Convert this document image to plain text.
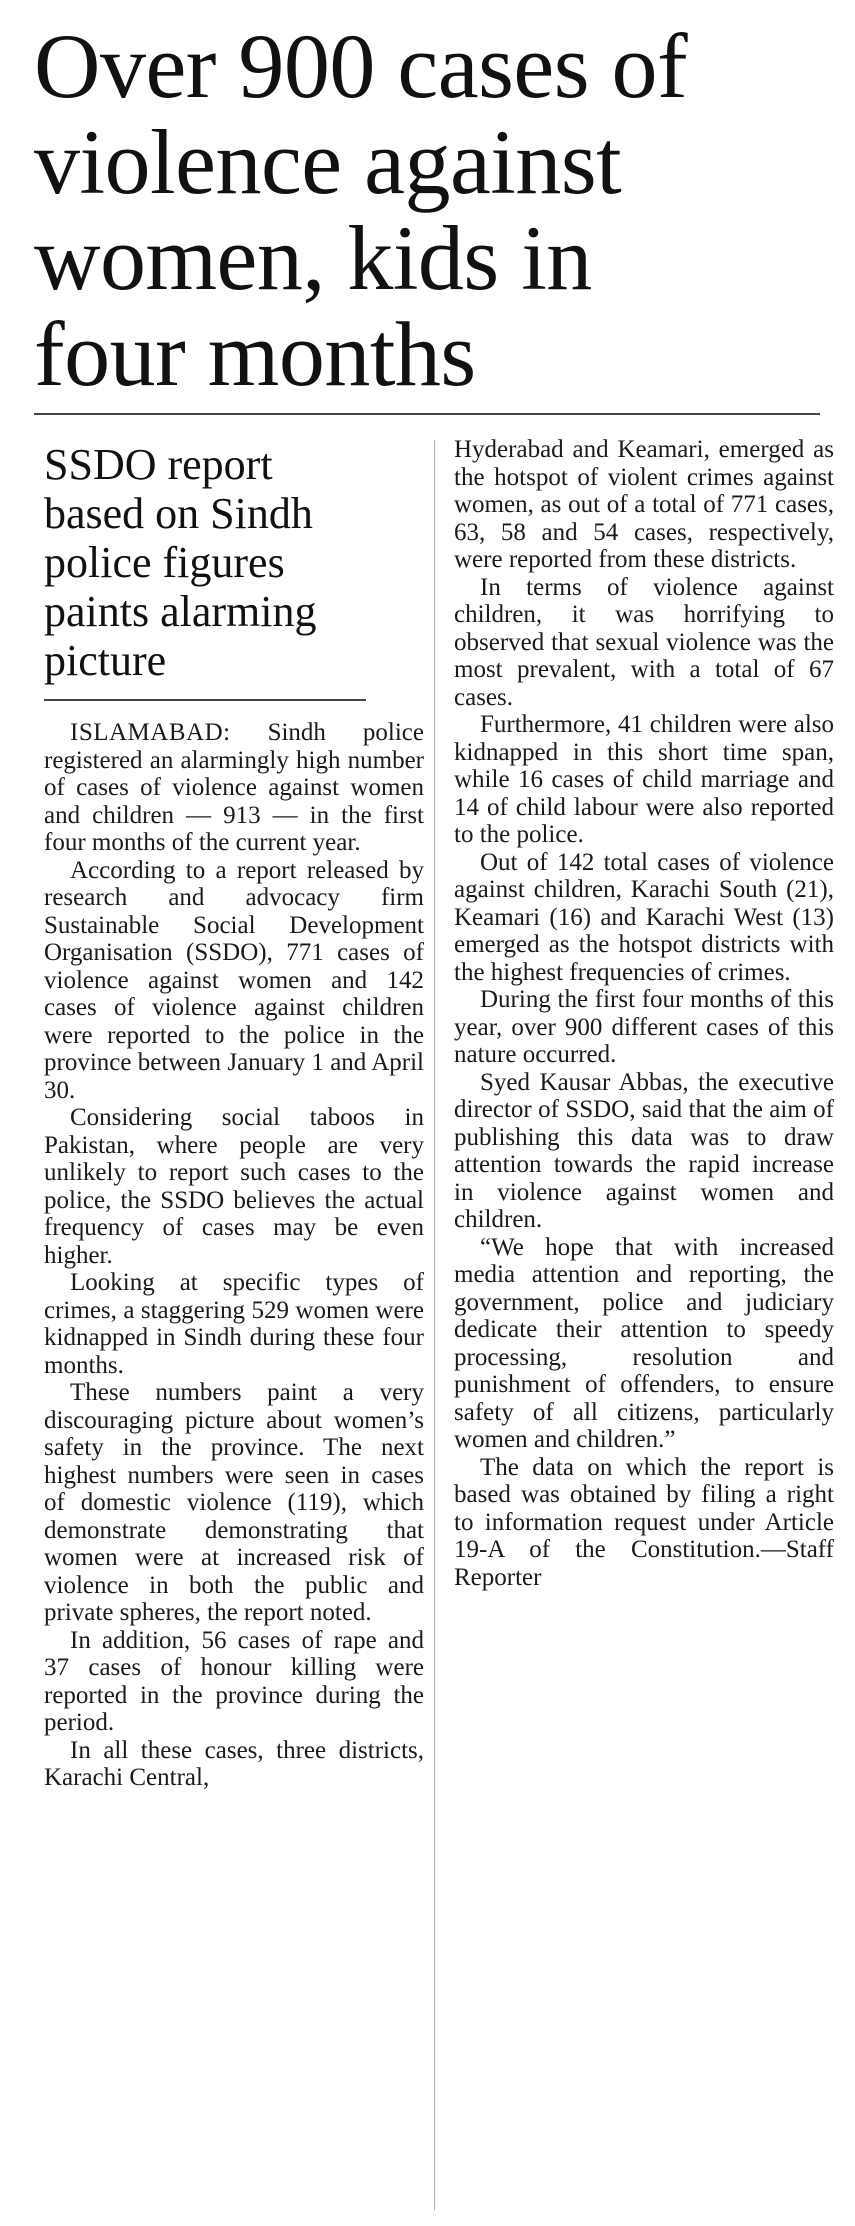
Over 900 cases of
violence against
women, kids in
four months
SSDO report
based on Sindh
police figures
paints alarming
picture

ISLAMABAD: Sindh police registered an alarmingly high number of cases of violence against women and children — 913 — in the first four months of the current year.

According to a report released by research and advocacy firm Sustainable Social Development Organisation (SSDO), 771 cases of violence against women and 142 cases of violence against children were reported to the police in the province between January 1 and April 30.

Considering social taboos in Pakistan, where people are very unlikely to report such cases to the police, the SSDO believes the actual frequency of cases may be even higher.

Looking at specific types of crimes, a staggering 529 women were kidnapped in Sindh during these four months.

These numbers paint a very discouraging picture about women’s safety in the province. The next highest numbers were seen in cases of domestic violence (119), which demonstrate demonstrating that women were at increased risk of violence in both the public and private spheres, the report noted.

In addition, 56 cases of rape and 37 cases of honour killing were reported in the province during the period.

In all these cases, three districts, Karachi Central,

Hyderabad and Keamari, emerged as the hotspot of violent crimes against women, as out of a total of 771 cases, 63, 58 and 54 cases, respectively, were reported from these districts.

In terms of violence against children, it was horrifying to observed that sexual violence was the most prevalent, with a total of 67 cases.

Furthermore, 41 children were also kidnapped in this short time span, while 16 cases of child marriage and 14 of child labour were also reported to the police.

Out of 142 total cases of violence against children, Karachi South (21), Keamari (16) and Karachi West (13) emerged as the hotspot districts with the highest frequencies of crimes.

During the first four months of this year, over 900 different cases of this nature occurred.

Syed Kausar Abbas, the executive director of SSDO, said that the aim of publishing this data was to draw attention towards the rapid increase in violence against women and children.

“We hope that with increased media attention and reporting, the government, police and judiciary dedicate their attention to speedy processing, resolution and punishment of offenders, to ensure safety of all citizens, particularly women and children.”

The data on which the report is based was obtained by filing a right to information request under Article 19-A of the Constitution.—Staff Reporter
